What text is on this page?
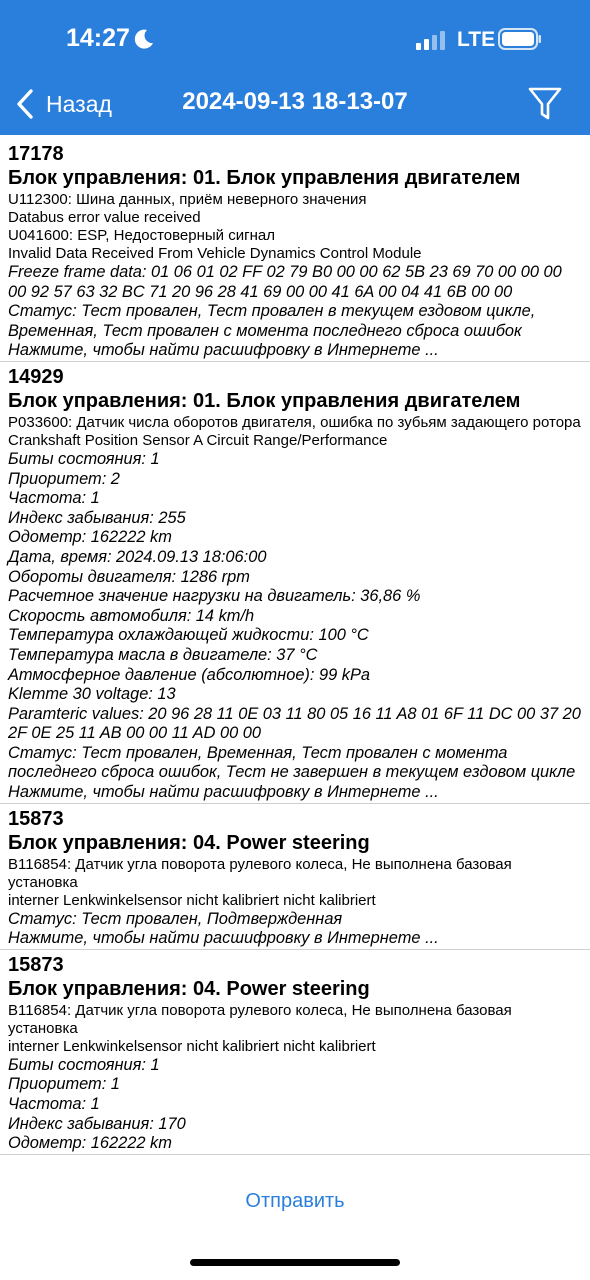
14:27	LTE
Назад	2024-09-13 18-13-07
17178
Блок управления: 01. Блок управления двигателем
U112300: Шина данных, приём неверного значения
Databus error value received
U041600: ESP, Недостоверный сигнал
Invalid Data Received From Vehicle Dynamics Control Module
Freeze frame data: 01 06 01 02 FF 02 79 B0 00 00 62 5B 23 69 70 00 00 00 00 92 57 63 32 BC 71 20 96 28 41 69 00 00 41 6A 00 04 41 6B 00 00
Статус: Тест провален, Тест провален в текущем ездовом цикле, Временная, Тест провален с момента последнего сброса ошибок
Нажмите, чтобы найти расшифровку в Интернете ...
14929
Блок управления: 01. Блок управления двигателем
P033600: Датчик числа оборотов двигателя, ошибка по зубьям задающего ротора
Crankshaft Position Sensor A Circuit Range/Performance
Биты состояния: 1
Приоритет: 2
Частота: 1
Индекс забывания: 255
Одометр: 162222 km
Дата, время: 2024.09.13 18:06:00
Обороты двигателя: 1286 rpm
Расчетное значение нагрузки на двигатель: 36,86 %
Скорость автомобиля: 14 km/h
Температура охлаждающей жидкости: 100 °C
Температура масла в двигателе: 37 °C
Атмосферное давление (абсолютное): 99 kPa
Klemme 30 voltage: 13
Paramteric values: 20 96 28 11 0E 03 11 80 05 16 11 A8 01 6F 11 DC 00 37 20 2F 0E 25 11 AB 00 00 11 AD 00 00
Статус: Тест провален, Временная, Тест провален с момента последнего сброса ошибок, Тест не завершен в текущем ездовом цикле
Нажмите, чтобы найти расшифровку в Интернете ...
15873
Блок управления: 04. Power steering
B116854: Датчик угла поворота рулевого колеса, Не выполнена базовая установка
interner Lenkwinkelsensor nicht kalibriert nicht kalibriert
Статус: Тест провален, Подтвержденная
Нажмите, чтобы найти расшифровку в Интернете ...
15873
Блок управления: 04. Power steering
B116854: Датчик угла поворота рулевого колеса, Не выполнена базовая установка
interner Lenkwinkelsensor nicht kalibriert nicht kalibriert
Биты состояния: 1
Приоритет: 1
Частота: 1
Индекс забывания: 170
Одометр: 162222 km
Отправить
